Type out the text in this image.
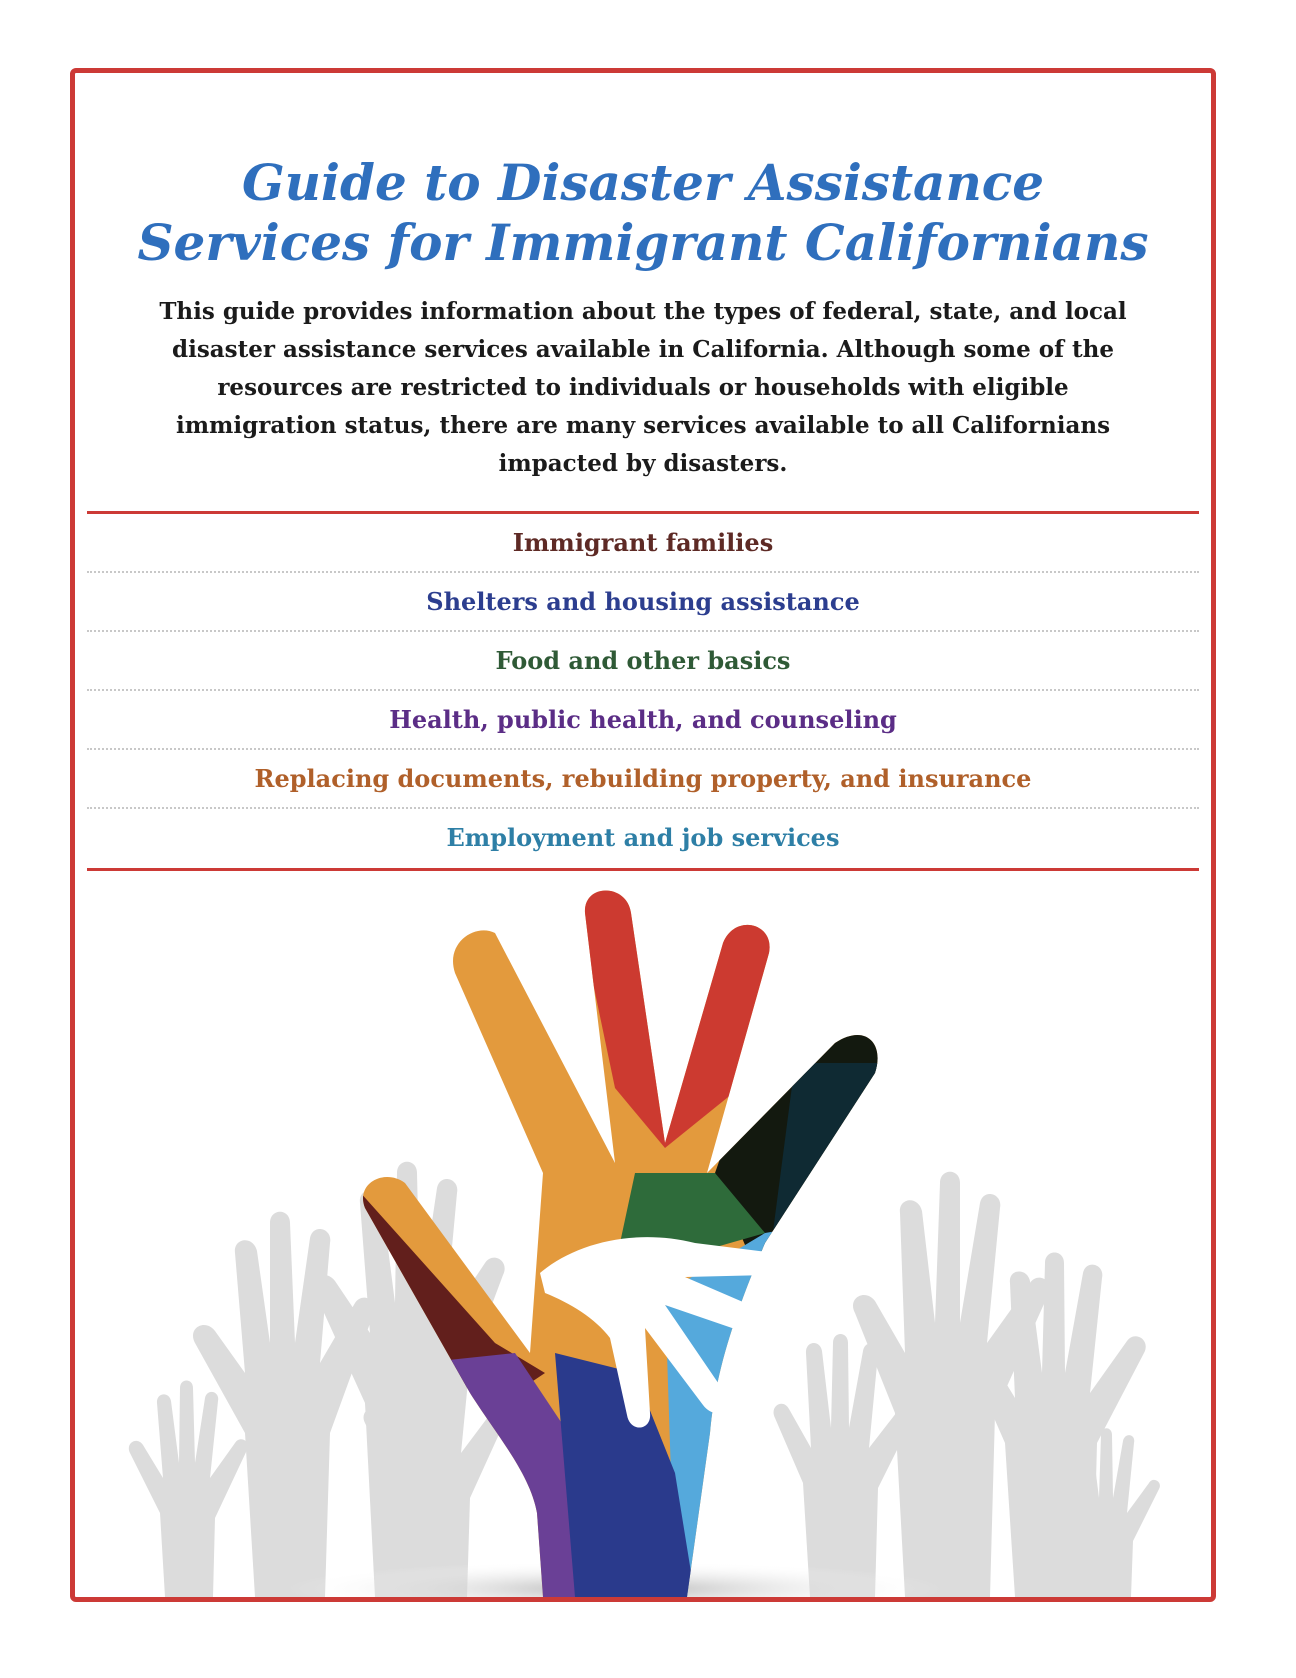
Guide to Disaster Assistance
Services for Immigrant Californians

This guide provides information about the types of federal, state, and local disaster assistance services available in California. Although some of the resources are restricted to individuals or households with eligible immigration status, there are many services available to all Californians impacted by disasters.

Immigrant families
Shelters and housing assistance
Food and other basics
Health, public health, and counseling
Replacing documents, rebuilding property, and insurance
Employment and job services
